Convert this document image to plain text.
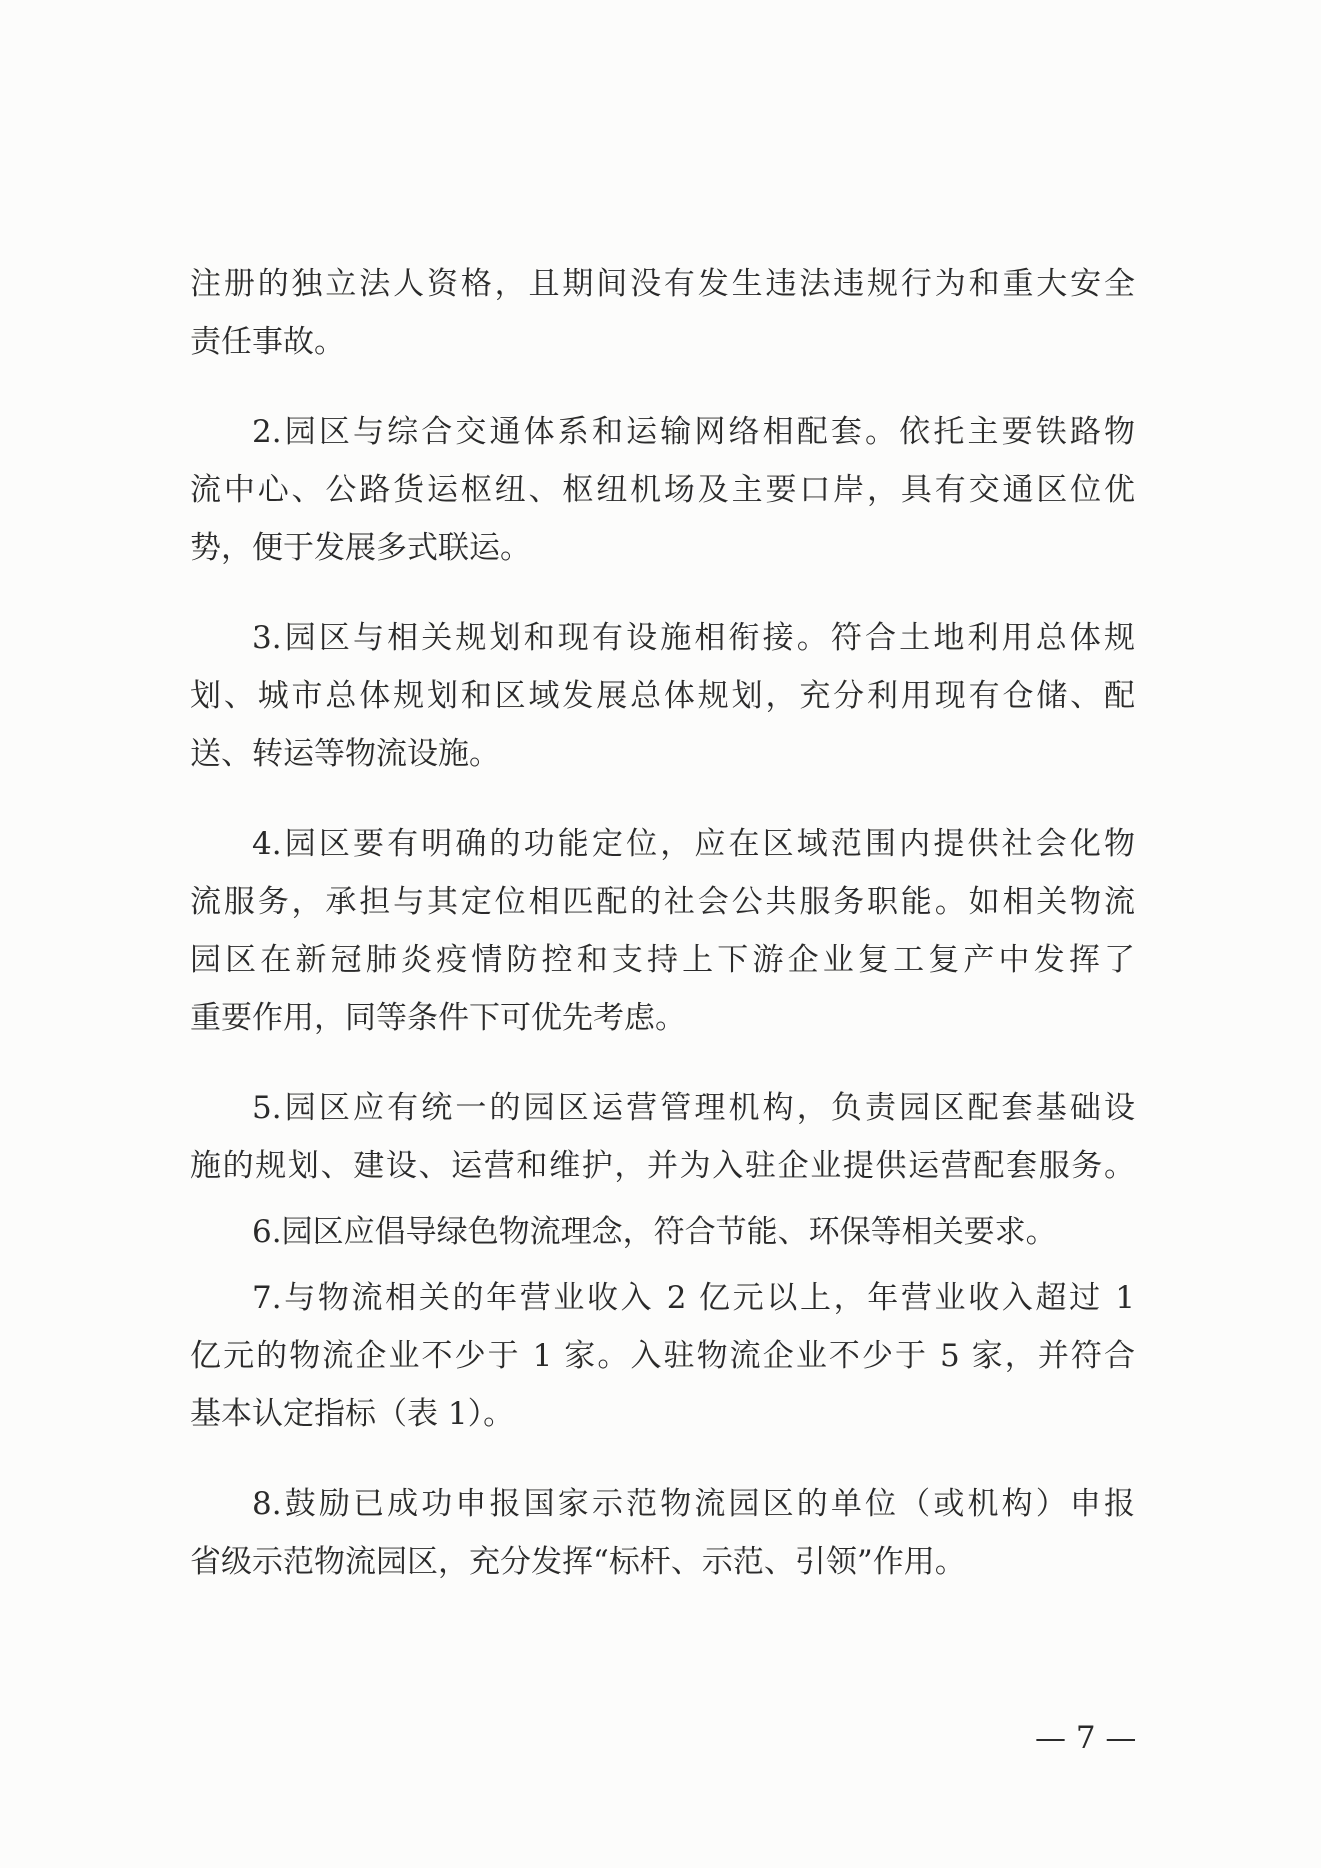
注册的独立法人资格，且期间没有发生违法违规行为和重大安全
责任事故。
2.园区与综合交通体系和运输网络相配套。依托主要铁路物
流中心、公路货运枢纽、枢纽机场及主要口岸，具有交通区位优
势，便于发展多式联运。
3.园区与相关规划和现有设施相衔接。符合土地利用总体规
划、城市总体规划和区域发展总体规划，充分利用现有仓储、配
送、转运等物流设施。
4.园区要有明确的功能定位，应在区域范围内提供社会化物
流服务，承担与其定位相匹配的社会公共服务职能。如相关物流
园区在新冠肺炎疫情防控和支持上下游企业复工复产中发挥了
重要作用，同等条件下可优先考虑。
5.园区应有统一的园区运营管理机构，负责园区配套基础设
施的规划、建设、运营和维护，并为入驻企业提供运营配套服务。
6.园区应倡导绿色物流理念，符合节能、环保等相关要求。
7.与物流相关的年营业收入 2 亿元以上，年营业收入超过 1
亿元的物流企业不少于 1 家。入驻物流企业不少于 5 家，并符合
基本认定指标（表 1）。
8.鼓励已成功申报国家示范物流园区的单位（或机构）申报
省级示范物流园区，充分发挥“标杆、示范、引领”作用。
— 7 —
